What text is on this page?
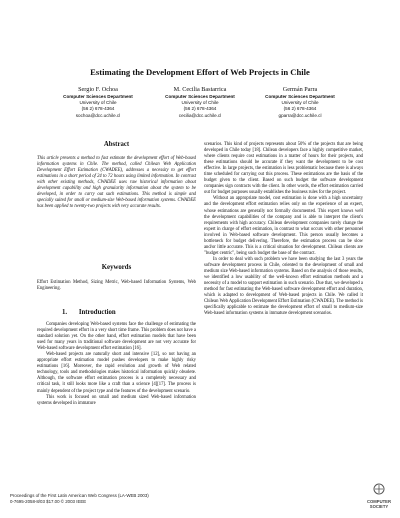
Estimating the Development Effort of Web Projects in Chile
Sergio F. Ochoa
Computer Sciences Department
University of Chile
(56 2) 678-4364
sochoa@dcc.uchile.cl
M. Cecilia Bastarrica
Computer Sciences Department
University of Chile
(56 2) 678-4364
cecilia@dcc.uchile.cl
Germán Parra
Computer Sciences Department
University of Chile
(56 2) 678-4364
gparra@dcc.uchile.cl
Abstract

This article presents a method to fast estimate the development effort of Web-based information systems in Chile. The method, called Chilean Web Application Development Effort Estimation (CWADEE), addresses a necessity to get effort estimations in a short period of 24 to 72 hours using limited information. In contrast with other existing methods, CWADEE uses raw historical information about development capability and high granularity information about the system to be developed, in order to carry out such estimations. This method is simple and specially suited for small or medium-size Web-based information systems. CWADEE has been applied to twenty-two projects with very accurate results.

Keywords

Effort Estimation Method, Sizing Metric, Web-based Information Systems, Web Engineering.

1. Introduction

Companies developing Web-based systems face the challenge of estimating the required development effort in a very short time frame. This problem does not have a standard solution yet. On the other hand, effort estimation models that have been used for many years in traditional software development are not very accurate for Web-based software development effort estimation [16].

Web-based projects are naturally short and intensive [12], so not having an appropriate effort estimation model pushes developers to make highly risky estimations [16]. Moreover, the rapid evolution and growth of Web related technology, tools and methodologies makes historical information quickly obsolete. Although, the software effort estimation process is a completely necessary and critical task, it still looks more like a craft than a science [4][17]. The process is mainly dependent of the project type and the features of the development scenario.

This work is focused on small and medium sized Web-based information systems developed in immature

scenarios. This kind of projects represents about 50% of the projects that are being developed in Chile today [18]. Chilean developers face a highly competitive market, where clients require cost estimations in a matter of hours for their projects, and these estimations should be accurate if they want the development to be cost effective. In large projects, the estimation is less problematic because there is always time scheduled for carrying out this process. These estimations are the basis of the budget given to the client. Based on such budget the software development companies sign contracts with the client. In other words, the effort estimation carried out for budget purposes usually establishes the business rules for the project.

Without an appropriate model, cost estimation is done with a high uncertainty and the development effort estimation relies only on the experience of an expert, whose estimations are generally not formally documented. This expert knows well the development capabilities of the company and is able to interpret the client's requirements with high accuracy. Chilean development companies rarely change the expert in charge of effort estimation, in contrast to what occurs with other personnel involved in Web-based software development. This person usually becomes a bottleneck for budget delivering. Therefore, the estimation process can be slow and/or little accurate. This is a critical situation for development. Chilean clients are "budget centric", being such budget the base of the contract.

In order to deal with such problem we have been studying the last 3 years the software development process in Chile, oriented to the development of small and medium size Web-based information systems. Based on the analysis of those results, we identified a low usability of the well-known effort estimation methods and a necessity of a model to support estimation in such scenario. Due that, we developed a method for fast estimating the Web-based software development effort and duration, which is adapted to development of Web-based projects in Chile. We called it Chilean Web Application Development Effort Estimation (CWADEE). The method is specifically applicable to estimate the development effort of small to medium-size Web-based information systems in immature development scenarios.

Proceedings of the First Latin American Web Congress (LA-WEB 2003)
0-7695-2058-8/03 $17.00 © 2003 IEEE	COMPUTER
SOCIETY
